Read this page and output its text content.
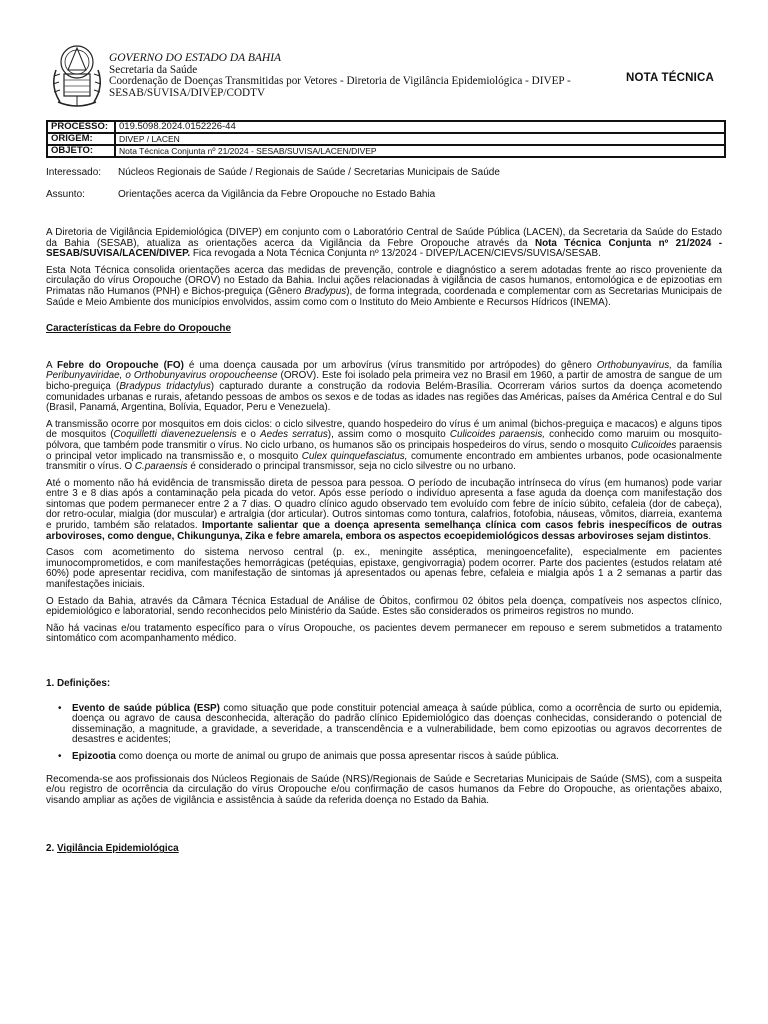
GOVERNO DO ESTADO DA BAHIA
Secretaria da Saúde
Coordenação de Doenças Transmitidas por Vetores - Diretoria de Vigilância Epidemiológica - DIVEP -
SESAB/SUVISA/DIVEP/CODTV
NOTA TÉCNICA
PROCESSO:	019.5098.2024.0152226-44
ORIGEM:	DIVEP / LACEN
OBJETO:	Nota Técnica Conjunta nº 21/2024 - SESAB/SUVISA/LACEN/DIVEP
Interessado: Núcleos Regionais de Saúde / Regionais de Saúde / Secretarias Municipais de Saúde
Assunto:	Orientações acerca da Vigilância da Febre Oropouche no Estado Bahia

A Diretoria de Vigilância Epidemiológica (DIVEP) em conjunto com o Laboratório Central de Saúde Pública (LACEN), da Secretaria da Saúde do Estado da Bahia (SESAB), atualiza as orientações acerca da Vigilância da Febre Oropouche através da Nota Técnica Conjunta nº 21/2024 - SESAB/SUVISA/LACEN/DIVEP. Fica revogada a Nota Técnica Conjunta nº 13/2024 - DIVEP/LACEN/CIEVS/SUVISA/SESAB.

Esta Nota Técnica consolida orientações acerca das medidas de prevenção, controle e diagnóstico a serem adotadas frente ao risco proveniente da circulação do vírus Oropouche (OROV) no Estado da Bahia. Inclui ações relacionadas à vigilância de casos humanos, entomológica e de epizootias em Primatas não Humanos (PNH) e Bichos-preguiça (Gênero Bradypus), de forma integrada, coordenada e complementar com as Secretarias Municipais de Saúde e Meio Ambiente dos municípios envolvidos, assim como com o Instituto do Meio Ambiente e Recursos Hídricos (INEMA).

Características da Febre do Oropouche

A Febre do Oropouche (FO) é uma doença causada por um arbovírus (vírus transmitido por artrópodes) do gênero Orthobunyavirus, da família Peribunyaviridae, o Orthobunyavirus oropoucheense (OROV). Este foi isolado pela primeira vez no Brasil em 1960, a partir de amostra de sangue de um bicho-preguiça (Bradypus tridactylus) capturado durante a construção da rodovia Belém-Brasília. Ocorreram vários surtos da doença acometendo comunidades urbanas e rurais, afetando pessoas de ambos os sexos e de todas as idades nas regiões das Américas, países da América Central e do Sul (Brasil, Panamá, Argentina, Bolívia, Equador, Peru e Venezuela).

A transmissão ocorre por mosquitos em dois ciclos: o ciclo silvestre, quando hospedeiro do vírus é um animal (bichos-preguiça e macacos) e alguns tipos de mosquitos (Coquilletti diavenezuelensis e o Aedes serratus), assim como o mosquito Culicoides paraensis, conhecido como maruim ou mosquito-pólvora, que também pode transmitir o vírus. No ciclo urbano, os humanos são os principais hospedeiros do vírus, sendo o mosquito Culicoides paraensis o principal vetor implicado na transmissão e, o mosquito Culex quinquefasciatus, comumente encontrado em ambientes urbanos, pode ocasionalmente transmitir o vírus. O C.paraensis é considerado o principal transmissor, seja no ciclo silvestre ou no urbano.

Até o momento não há evidência de transmissão direta de pessoa para pessoa. O período de incubação intrínseca do vírus (em humanos) pode variar entre 3 e 8 dias após a contaminação pela picada do vetor. Após esse período o indivíduo apresenta a fase aguda da doença com manifestação dos sintomas que podem permanecer entre 2 a 7 dias. O quadro clínico agudo observado tem evoluído com febre de início súbito, cefaleia (dor de cabeça), dor retro-ocular, mialgia (dor muscular) e artralgia (dor articular). Outros sintomas como tontura, calafrios, fotofobia, náuseas, vômitos, diarreia, exantema e prurido, também são relatados. Importante salientar que a doença apresenta semelhança clínica com casos febris inespecíficos de outras arboviroses, como dengue, Chikungunya, Zika e febre amarela, embora os aspectos ecoepidemiológicos dessas arboviroses sejam distintos.

Casos com acometimento do sistema nervoso central (p. ex., meningite asséptica, meningoencefalite), especialmente em pacientes imunocomprometidos, e com manifestações hemorrágicas (petéquias, epistaxe, gengivorragia) podem ocorrer. Parte dos pacientes (estudos relatam até 60%) pode apresentar recidiva, com manifestação de sintomas já apresentados ou apenas febre, cefaleia e mialgia após 1 a 2 semanas a partir das manifestações iniciais.

O Estado da Bahia, através da Câmara Técnica Estadual de Análise de Óbitos, confirmou 02 óbitos pela doença, compatíveis nos aspectos clínico, epidemiológico e laboratorial, sendo reconhecidos pelo Ministério da Saúde. Estes são considerados os primeiros registros no mundo.

Não há vacinas e/ou tratamento específico para o vírus Oropouche, os pacientes devem permanecer em repouso e serem submetidos a tratamento sintomático com acompanhamento médico.

1. Definições:

• Evento de saúde pública (ESP) como situação que pode constituir potencial ameaça à saúde pública, como a ocorrência de surto ou epidemia, doença ou agravo de causa desconhecida, alteração do padrão clínico Epidemiológico das doenças conhecidas, considerando o potencial de disseminação, a magnitude, a gravidade, a severidade, a transcendência e a vulnerabilidade, bem como epizootias ou agravos decorrentes de desastres e acidentes;
• Epizootia como doença ou morte de animal ou grupo de animais que possa apresentar riscos à saúde pública.

Recomenda-se aos profissionais dos Núcleos Regionais de Saúde (NRS)/Regionais de Saúde e Secretarias Municipais de Saúde (SMS), com a suspeita e/ou registro de ocorrência da circulação do vírus Oropouche e/ou confirmação de casos humanos da Febre do Oropouche, as orientações abaixo, visando ampliar as ações de vigilância e assistência à saúde da referida doença no Estado da Bahia.

2. Vigilância Epidemiológica
